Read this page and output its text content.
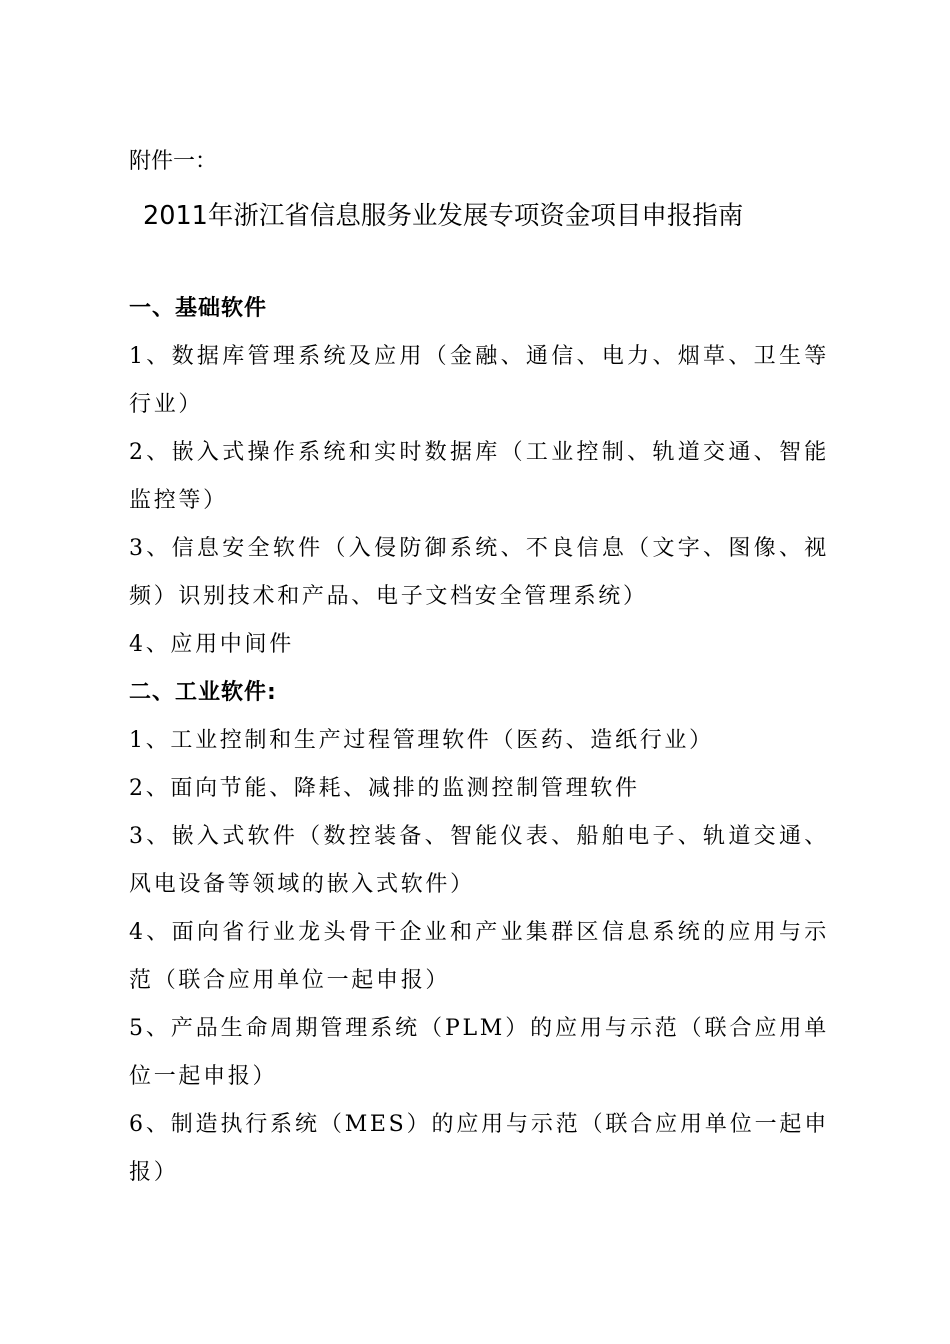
附件一：
2011年浙江省信息服务业发展专项资金项目申报指南

一、基础软件

1、数据库管理系统及应用（金融、通信、电力、烟草、卫生等行业）

2、嵌入式操作系统和实时数据库（工业控制、轨道交通、智能监控等）

3、信息安全软件（入侵防御系统、不良信息（文字、图像、视频）识别技术和产品、电子文档安全管理系统）

4、应用中间件

二、工业软件:

1、工业控制和生产过程管理软件（医药、造纸行业）

2、面向节能、降耗、减排的监测控制管理软件

3、嵌入式软件（数控装备、智能仪表、船舶电子、轨道交通、风电设备等领域的嵌入式软件）

4、面向省行业龙头骨干企业和产业集群区信息系统的应用与示范（联合应用单位一起申报）

5、产品生命周期管理系统（PLM）的应用与示范（联合应用单位一起申报）

6、制造执行系统（MES）的应用与示范（联合应用单位一起申报）
